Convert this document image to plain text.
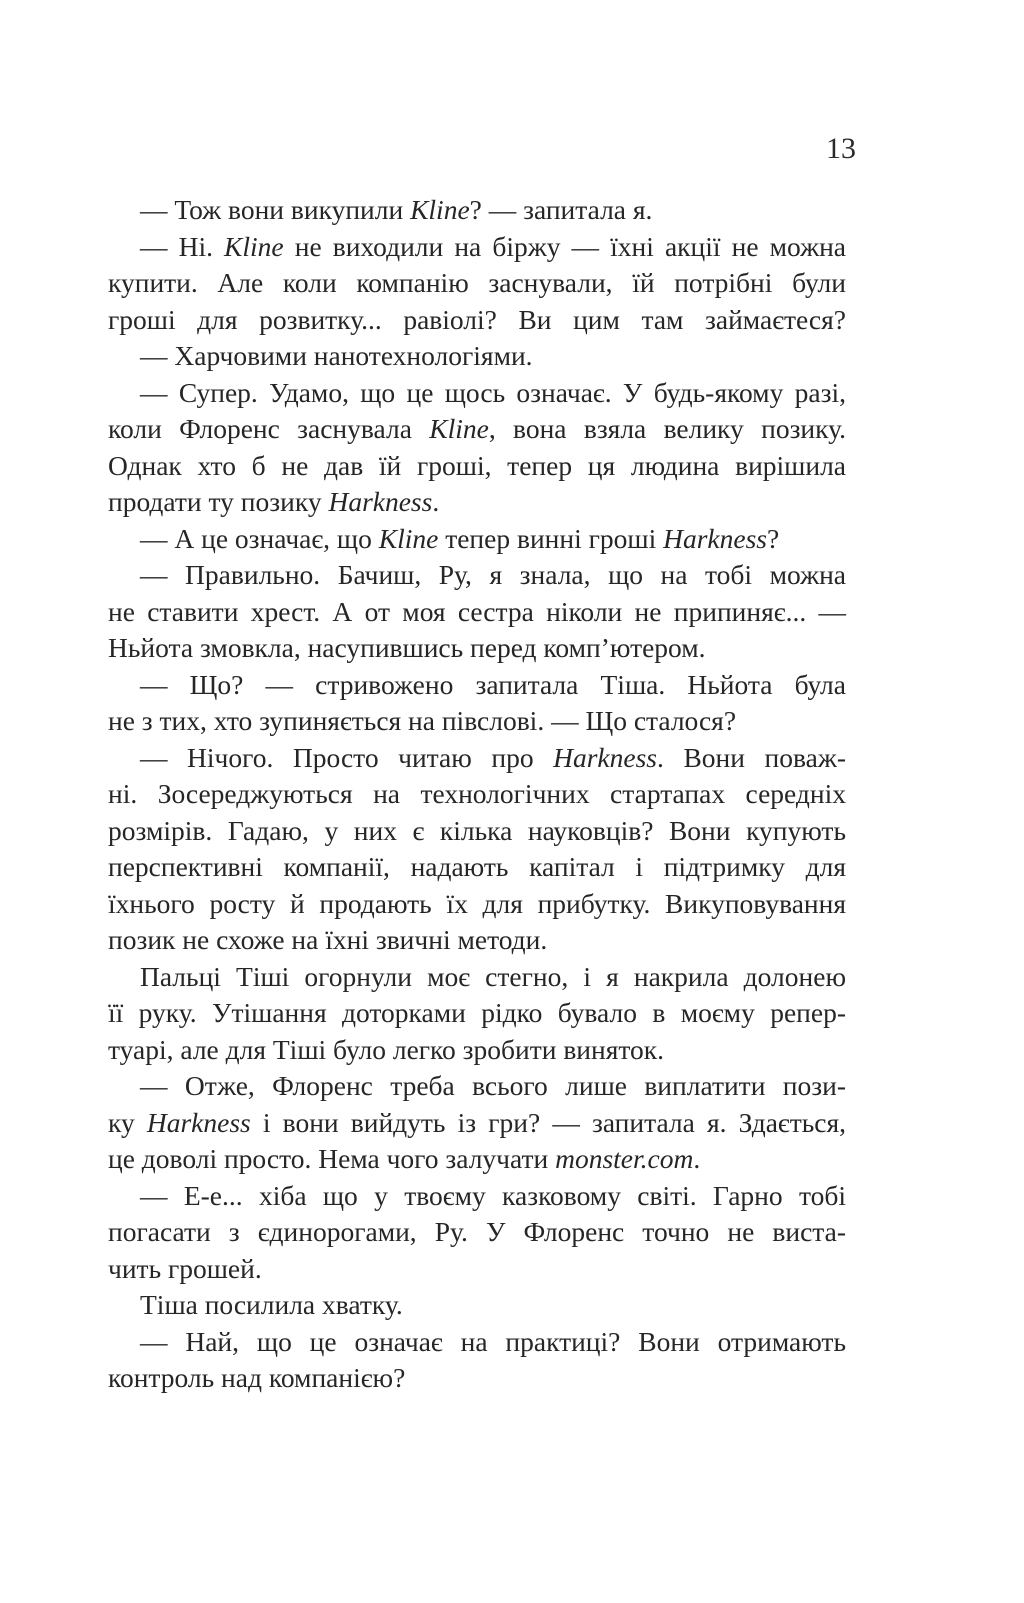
13
— Тож вони викупили Kline? — запитала я.
— Ні. Kline не виходили на біржу — їхні акції не можна
купити. Але коли компанію заснували, їй потрібні були
гроші для розвитку... равіолі? Ви цим там займаєтеся?
— Харчовими нанотехнологіями.
— Супер. Удамо, що це щось означає. У будь-якому разі,
коли Флоренс заснувала Kline, вона взяла велику позику.
Однак хто б не дав їй гроші, тепер ця людина вирішила
продати ту позику Harkness.
— А це означає, що Kline тепер винні гроші Harkness?
— Правильно. Бачиш, Ру, я знала, що на тобі можна
не ставити хрест. А от моя сестра ніколи не припиняє... —
Ньйота змовкла, насупившись перед комп’ютером.
— Що? — стривожено запитала Тіша. Ньйота була
не з тих, хто зупиняється на півслові. — Що сталося?
— Нічого. Просто читаю про Harkness. Вони поваж-
ні. Зосереджуються на технологічних стартапах середніх
розмірів. Гадаю, у них є кілька науковців? Вони купують
перспективні компанії, надають капітал і підтримку для
їхнього росту й продають їх для прибутку. Викуповування
позик не схоже на їхні звичні методи.
Пальці Тіші огорнули моє стегно, і я накрила долонею
її руку. Утішання доторками рідко бувало в моєму репер-
туарі, але для Тіші було легко зробити виняток.
— Отже, Флоренс треба всього лише виплатити пози-
ку Harkness і вони вийдуть із гри? — запитала я. Здається,
це доволі просто. Нема чого залучати monster.com.
— Е-е... хіба що у твоєму казковому світі. Гарно тобі
погасати з єдинорогами, Ру. У Флоренс точно не виста-
чить грошей.
Тіша посилила хватку.
— Най, що це означає на практиці? Вони отримають
контроль над компанією?
